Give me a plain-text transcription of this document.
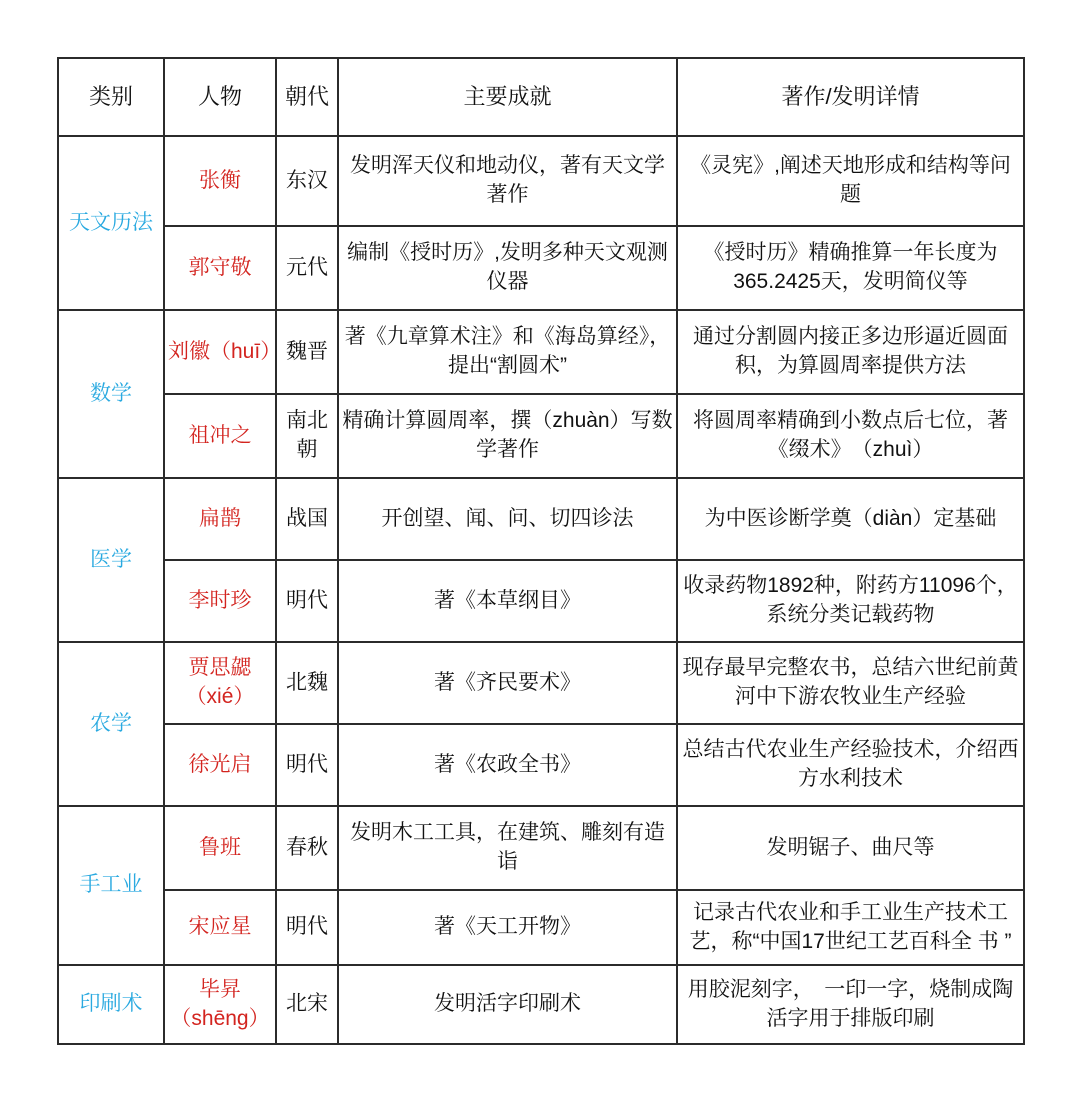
类别	人物	朝代	主要成就	著作/发明详情
天文历法	张衡	东汉	发明浑天仪和地动仪，著有天文学著作	《灵宪》,阐述天地形成和结构等问题
	郭守敬	元代	编制《授时历》,发明多种天文观测仪器	《授时历》精确推算一年长度为365.2425天，发明简仪等
数学	刘徽（huī）	魏晋	著《九章算术注》和《海岛算经》，提出“割圆术”	通过分割圆内接正多边形逼近圆面积，为算圆周率提供方法
	祖冲之	南北朝	精确计算圆周率，撰（zhuàn）写数学著作	将圆周率精确到小数点后七位，著《缀术》　（zhuì）
医学	扁鹊	战国	开创望、闻、问、切四诊法	为中医诊断学奠（diàn）定基础
	李时珍	明代	著《本草纲目》	收录药物1892种，附药方11096个，系统分类记载药物
农学	贾思勰（xié）	北魏	著《齐民要术》	现存最早完整农书，总结六世纪前黄河中下游农牧业生产经验
	徐光启	明代	著《农政全书》	总结古代农业生产经验技术，介绍西方水利技术
手工业	鲁班	春秋	发明木工工具，在建筑、雕刻有造诣	发明锯子、曲尺等
	宋应星	明代	著《天工开物》	记录古代农业和手工业生产技术工艺，称“中国17世纪工艺百科全 书 ”
印刷术	毕昇（shēng）	北宋	发明活字印刷术	用胶泥刻字，　一印一字，烧制成陶活字用于排版印刷
